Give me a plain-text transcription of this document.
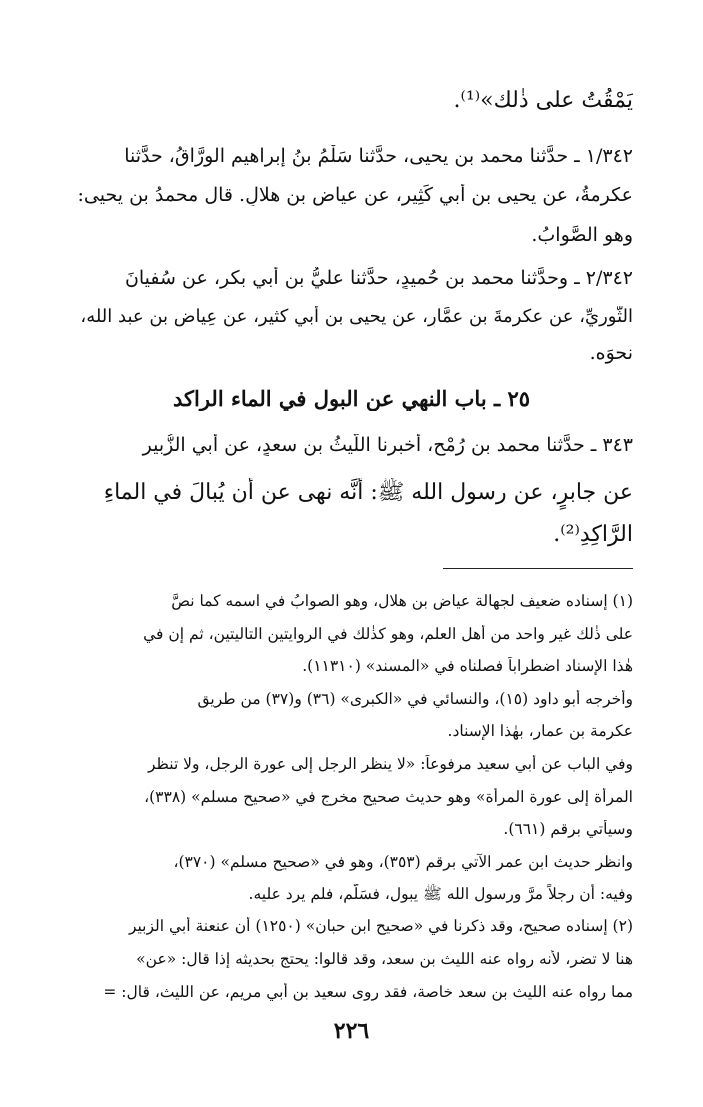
يَمْقُتُ على ذٰلك»⁽¹⁾.
١/٣٤٢ ـ حدَّثنا محمد بن يحيى، حدَّثنا سَلْمُ بنُ إبراهيم الورَّاقُ، حدَّثنا
عكرمةُ، عن يحيى بن أبي كَثِير، عن عياضِ بن هلالٍ. قال محمدُ بن يحيى:
وهو الصَّوابُ.
٢/٣٤٢ ـ وحدَّثنا محمد بن حُميدٍ، حدَّثنا عليُّ بن أبي بكرٍ، عن سُفيانَ
الثَّوريِّ، عن عكرمةَ بنِ عمَّارٍ، عن يحيى بن أبي كثير، عن عِياضِ بن عبد الله،
نحوَه.
٢٥ ـ باب النهي عن البول في الماء الراكد
٣٤٣ ـ حدَّثنا محمد بن رُمْحٍ، أخبرنا اللَّيثُ بن سعدٍ، عن أبي الزُّبير
عن جابرٍ، عن رسول الله ﷺ: أنَّه نهى عن أن يُبالَ في الماءِ
الرَّاكِدِ⁽²⁾.
(١) إسناده ضعيف لجهالة عياض بن هلال، وهو الصوابُ في اسمه كما نصَّ
على ذٰلك غير واحد من أهل العلم، وهو كذٰلك في الروايتين التاليتين، ثم إن في
هٰذا الإسناد اضطراباً فصلناه في «المسند» (١١٣١٠).
وأخرجه أبو داود (١٥)، والنسائي في «الكبرى» (٣٦) و(٣٧) من طريق
عكرمة بن عمار، بهٰذا الإسناد.
وفي الباب عن أبي سعيد مرفوعاً: «لا ينظر الرجل إلى عورة الرجل، ولا تنظر
المرأة إلى عورة المرأة» وهو حديث صحيح مخرج في «صحيح مسلم» (٣٣٨)،
وسيأتي برقم (٦٦١).
وانظر حديث ابن عمر الآتي برقم (٣٥٣)، وهو في «صحيح مسلم» (٣٧٠)،
وفيه: أن رجلاً مرَّ ورسول الله ﷺ يبول، فسَلَّم، فلم يرد عليه.
(٢) إسناده صحيح، وقد ذكرنا في «صحيح ابن حبان» (١٢٥٠) أن عنعنة أبي الزبير
هنا لا تضر، لأنه رواه عنه الليث بن سعد، وقد قالوا: يحتج بحديثه إذا قال: «عن»
مما رواه عنه الليث بن سعد خاصة، فقد روى سعيد بن أبي مريم، عن الليث، قال: =
٢٢٦
